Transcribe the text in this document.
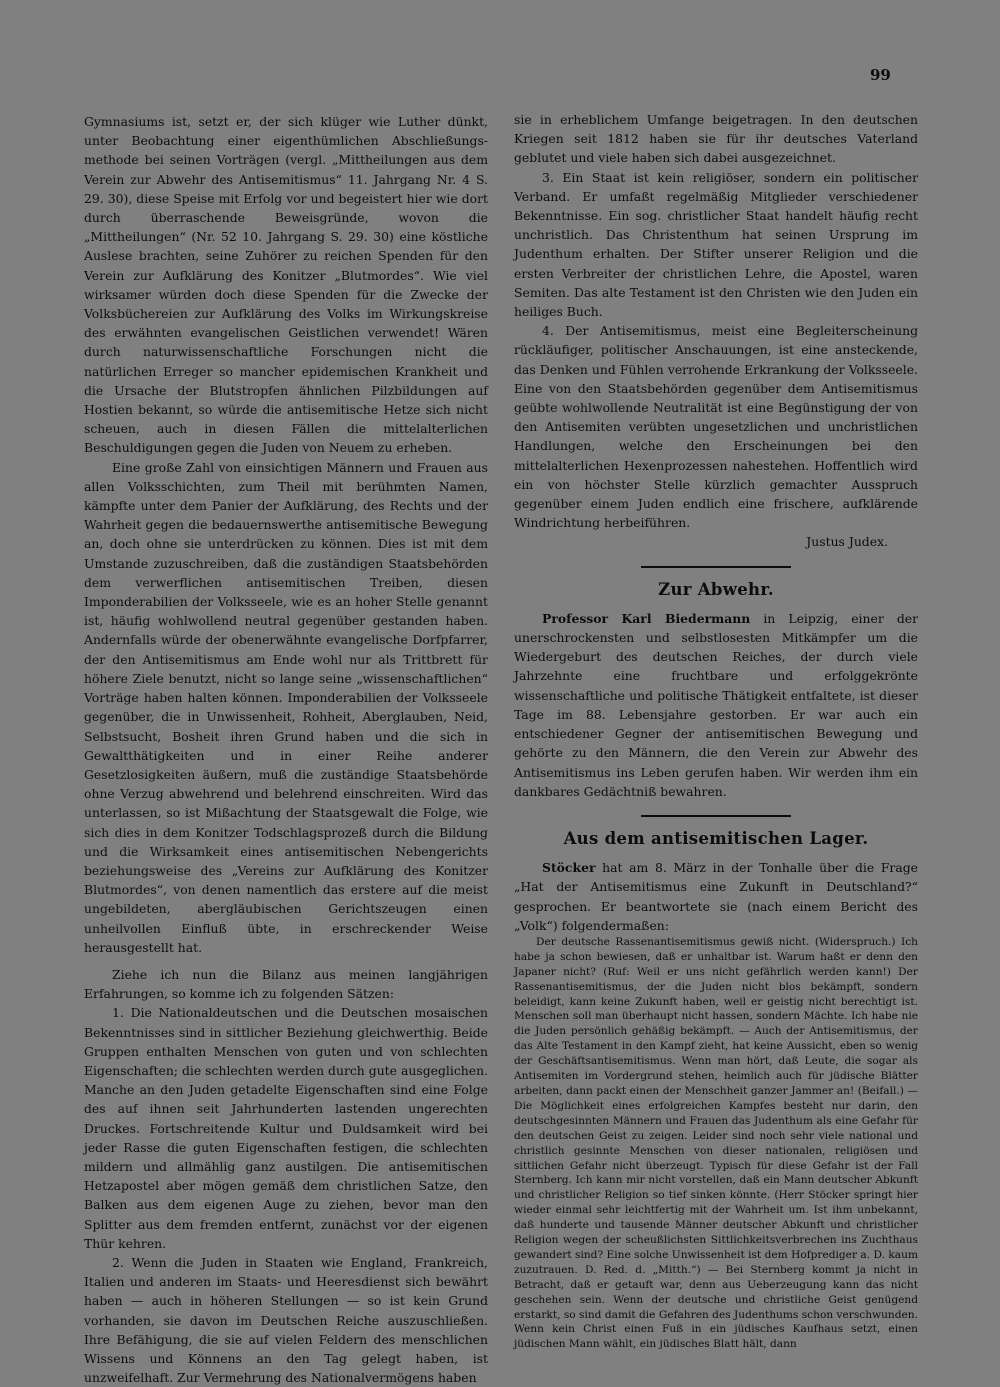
99

Gymnasiums ist, setzt er, der sich klüger wie Luther dünkt, unter Beobachtung einer eigenthümlichen Abschließungs-methode bei seinen Vorträgen (vergl. „Mittheilungen aus dem Verein zur Abwehr des Antisemitismus“ 11. Jahrgang Nr. 4 S. 29. 30), diese Speise mit Erfolg vor und begeistert hier wie dort durch überraschende Beweisgründe, wovon die „Mittheilungen“ (Nr. 52 10. Jahrgang S. 29. 30) eine köstliche Auslese brachten, seine Zuhörer zu reichen Spenden für den Verein zur Aufklärung des Konitzer „Blutmordes“. Wie viel wirksamer würden doch diese Spenden für die Zwecke der Volksbüchereien zur Aufklärung des Volks im Wirkungskreise des erwähnten evangelischen Geistlichen verwendet! Wären durch naturwissenschaftliche Forschungen nicht die natürlichen Erreger so mancher epidemischen Krankheit und die Ursache der Blutstropfen ähnlichen Pilzbildungen auf Hostien bekannt, so würde die antisemitische Hetze sich nicht scheuen, auch in diesen Fällen die mittelalterlichen Beschuldigungen gegen die Juden von Neuem zu erheben.

Eine große Zahl von einsichtigen Männern und Frauen aus allen Volksschichten, zum Theil mit berühmten Namen, kämpfte unter dem Panier der Aufklärung, des Rechts und der Wahrheit gegen die bedauernswerthe antisemitische Bewegung an, doch ohne sie unterdrücken zu können. Dies ist mit dem Umstande zuzuschreiben, daß die zuständigen Staatsbehörden dem verwerflichen antisemitischen Treiben, diesen Imponderabilien der Volksseele, wie es an hoher Stelle genannt ist, häufig wohlwollend neutral gegenüber gestanden haben. Andernfalls würde der obenerwähnte evangelische Dorfpfarrer, der den Antisemitismus am Ende wohl nur als Trittbrett für höhere Ziele benutzt, nicht so lange seine „wissenschaftlichen“ Vorträge haben halten können. Imponderabilien der Volksseele gegenüber, die in Unwissenheit, Rohheit, Aberglauben, Neid, Selbstsucht, Bosheit ihren Grund haben und die sich in Gewaltthätigkeiten und in einer Reihe anderer Gesetzlosigkeiten äußern, muß die zuständige Staatsbehörde ohne Verzug abwehrend und belehrend einschreiten. Wird das unterlassen, so ist Mißachtung der Staatsgewalt die Folge, wie sich dies in dem Konitzer Todschlagsprozeß durch die Bildung und die Wirksamkeit eines antisemitischen Nebengerichts beziehungsweise des „Vereins zur Aufklärung des Konitzer Blutmordes“, von denen namentlich das erstere auf die meist ungebildeten, abergläubischen Gerichtszeugen einen unheilvollen Einfluß übte, in erschreckender Weise herausgestellt hat.

Ziehe ich nun die Bilanz aus meinen langjährigen Erfahrungen, so komme ich zu folgenden Sätzen:

1. Die Nationaldeutschen und die Deutschen mosaischen Bekenntnisses sind in sittlicher Beziehung gleichwerthig. Beide Gruppen enthalten Menschen von guten und von schlechten Eigenschaften; die schlechten werden durch gute ausgeglichen. Manche an den Juden getadelte Eigenschaften sind eine Folge des auf ihnen seit Jahrhunderten lastenden ungerechten Druckes. Fortschreitende Kultur und Duldsamkeit wird bei jeder Rasse die guten Eigenschaften festigen, die schlechten mildern und allmählig ganz austilgen. Die antisemitischen Hetzapostel aber mögen gemäß dem christlichen Satze, den Balken aus dem eigenen Auge zu ziehen, bevor man den Splitter aus dem fremden entfernt, zunächst vor der eigenen Thür kehren.

2. Wenn die Juden in Staaten wie England, Frankreich, Italien und anderen im Staats- und Heeresdienst sich bewährt haben — auch in höheren Stellungen — so ist kein Grund vorhanden, sie davon im Deutschen Reiche auszuschließen. Ihre Befähigung, die sie auf vielen Feldern des menschlichen Wissens und Könnens an den Tag gelegt haben, ist unzweifelhaft. Zur Vermehrung des Nationalvermögens haben

sie in erheblichem Umfange beigetragen. In den deutschen Kriegen seit 1812 haben sie für ihr deutsches Vaterland geblutet und viele haben sich dabei ausgezeichnet.

3. Ein Staat ist kein religiöser, sondern ein politischer Verband. Er umfaßt regelmäßig Mitglieder verschiedener Bekenntnisse. Ein sog. christlicher Staat handelt häufig recht unchristlich. Das Christenthum hat seinen Ursprung im Judenthum erhalten. Der Stifter unserer Religion und die ersten Verbreiter der christlichen Lehre, die Apostel, waren Semiten. Das alte Testament ist den Christen wie den Juden ein heiliges Buch.

4. Der Antisemitismus, meist eine Begleiterscheinung rückläufiger, politischer Anschauungen, ist eine ansteckende, das Denken und Fühlen verrohende Erkrankung der Volksseele. Eine von den Staatsbehörden gegenüber dem Antisemitismus geübte wohlwollende Neutralität ist eine Begünstigung der von den Antisemiten verübten ungesetzlichen und unchristlichen Handlungen, welche den Erscheinungen bei den mittelalterlichen Hexenprozessen nahestehen. Hoffentlich wird ein von höchster Stelle kürzlich gemachter Ausspruch gegenüber einem Juden endlich eine frischere, aufklärende Windrichtung herbeiführen.

Justus Judex.

Zur Abwehr.

Professor Karl Biedermann in Leipzig, einer der unerschrockensten und selbstlosesten Mitkämpfer um die Wiedergeburt des deutschen Reiches, der durch viele Jahrzehnte eine fruchtbare und erfolggekrönte wissenschaftliche und politische Thätigkeit entfaltete, ist dieser Tage im 88. Lebensjahre gestorben. Er war auch ein entschiedener Gegner der antisemitischen Bewegung und gehörte zu den Männern, die den Verein zur Abwehr des Antisemitismus ins Leben gerufen haben. Wir werden ihm ein dankbares Gedächtniß bewahren.

Aus dem antisemitischen Lager.

Stöcker hat am 8. März in der Tonhalle über die Frage „Hat der Antisemitismus eine Zukunft in Deutschland?“ gesprochen. Er beantwortete sie (nach einem Bericht des „Volk“) folgendermaßen:

Der deutsche Rassenantisemitismus gewiß nicht. (Widerspruch.) Ich habe ja schon bewiesen, daß er unhaltbar ist. Warum haßt er denn den Japaner nicht? (Ruf: Weil er uns nicht gefährlich werden kann!) Der Rassenantisemitismus, der die Juden nicht blos bekämpft, sondern beleidigt, kann keine Zukunft haben, weil er geistig nicht berechtigt ist. Menschen soll man überhaupt nicht hassen, sondern Mächte. Ich habe nie die Juden persönlich gehäßig bekämpft. — Auch der Antisemitismus, der das Alte Testament in den Kampf zieht, hat keine Aussicht, eben so wenig der Geschäftsantisemitismus. Wenn man hört, daß Leute, die sogar als Antisemiten im Vordergrund stehen, heimlich auch für jüdische Blätter arbeiten, dann packt einen der Menschheit ganzer Jammer an! (Beifall.) — Die Möglichkeit eines erfolgreichen Kampfes besteht nur darin, den deutschgesinnten Männern und Frauen das Judenthum als eine Gefahr für den deutschen Geist zu zeigen. Leider sind noch sehr viele national und christlich gesinnte Menschen von dieser nationalen, religiösen und sittlichen Gefahr nicht überzeugt. Typisch für diese Gefahr ist der Fall Sternberg. Ich kann mir nicht vorstellen, daß ein Mann deutscher Abkunft und christlicher Religion so tief sinken könnte. (Herr Stöcker springt hier wieder einmal sehr leichtfertig mit der Wahrheit um. Ist ihm unbekannt, daß hunderte und tausende Männer deutscher Abkunft und christlicher Religion wegen der scheußlichsten Sittlichkeitsverbrechen ins Zuchthaus gewandert sind? Eine solche Unwissenheit ist dem Hofprediger a. D. kaum zuzutrauen. D. Red. d. „Mitth.“) — Bei Sternberg kommt ja nicht in Betracht, daß er getauft war, denn aus Ueberzeugung kann das nicht geschehen sein. Wenn der deutsche und christliche Geist genügend erstarkt, so sind damit die Gefahren des Judenthums schon verschwunden. Wenn kein Christ einen Fuß in ein jüdisches Kaufhaus setzt, einen jüdischen Mann wählt, ein jüdisches Blatt hält, dann
